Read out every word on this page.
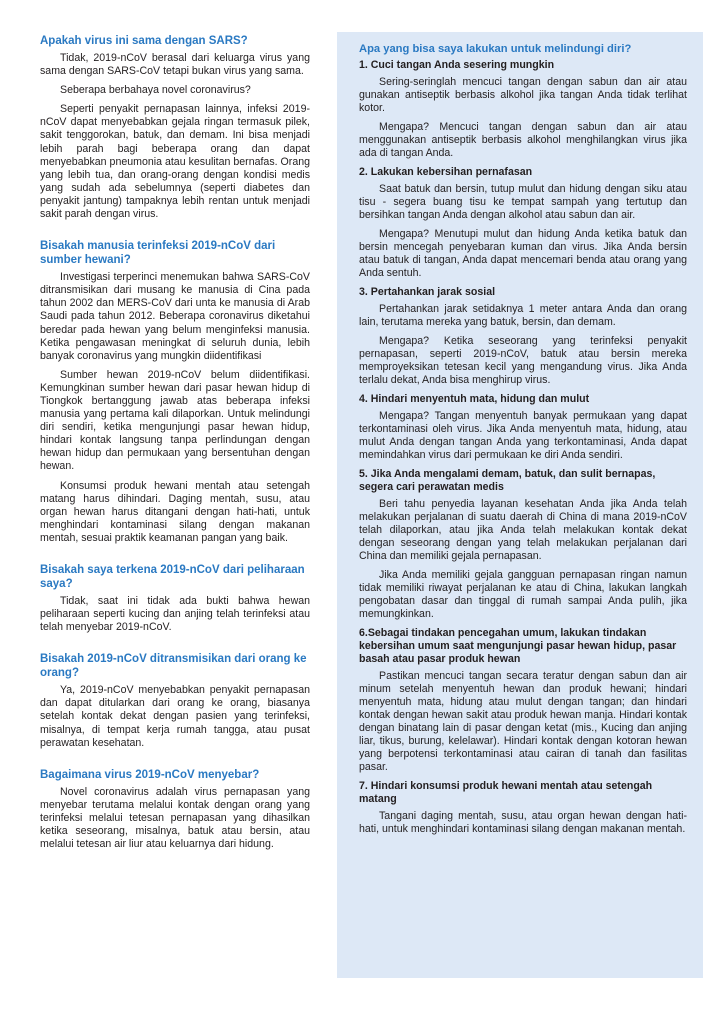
Apakah virus ini sama dengan SARS?

Tidak, 2019-nCoV berasal dari keluarga virus yang sama dengan SARS-CoV tetapi bukan virus yang sama.

Seberapa berbahaya novel coronavirus?

Seperti penyakit pernapasan lainnya, infeksi 2019-nCoV dapat menyebabkan gejala ringan termasuk pilek, sakit tenggorokan, batuk, dan demam. Ini bisa menjadi lebih parah bagi beberapa orang dan dapat menyebabkan pneumonia atau kesulitan bernafas. Orang yang lebih tua, dan orang-orang dengan kondisi medis yang sudah ada sebelumnya (seperti diabetes dan penyakit jantung) tampaknya lebih rentan untuk menjadi sakit parah dengan virus.

Bisakah manusia terinfeksi 2019-nCoV dari sumber hewani?

Investigasi terperinci menemukan bahwa SARS-CoV ditransmisikan dari musang ke manusia di Cina pada tahun 2002 dan MERS-CoV dari unta ke manusia di Arab Saudi pada tahun 2012. Beberapa coronavirus diketahui beredar pada hewan yang belum menginfeksi manusia. Ketika pengawasan meningkat di seluruh dunia, lebih banyak coronavirus yang mungkin diidentifikasi

Sumber hewan 2019-nCoV belum diidentifikasi. Kemungkinan sumber hewan dari pasar hewan hidup di Tiongkok bertanggung jawab atas beberapa infeksi manusia yang pertama kali dilaporkan. Untuk melindungi diri sendiri, ketika mengunjungi pasar hewan hidup, hindari kontak langsung tanpa perlindungan dengan hewan hidup dan permukaan yang bersentuhan dengan hewan.

Konsumsi produk hewani mentah atau setengah matang harus dihindari. Daging mentah, susu, atau organ hewan harus ditangani dengan hati-hati, untuk menghindari kontaminasi silang dengan makanan mentah, sesuai praktik keamanan pangan yang baik.

Bisakah saya terkena 2019-nCoV dari peliharaan saya?

Tidak, saat ini tidak ada bukti bahwa hewan peliharaan seperti kucing dan anjing telah terinfeksi atau telah menyebar 2019-nCoV.

Bisakah 2019-nCoV ditransmisikan dari orang ke orang?

Ya, 2019-nCoV menyebabkan penyakit pernapasan dan dapat ditularkan dari orang ke orang, biasanya setelah kontak dekat dengan pasien yang terinfeksi, misalnya, di tempat kerja rumah tangga, atau pusat perawatan kesehatan.

Bagaimana virus 2019-nCoV menyebar?

Novel coronavirus adalah virus pernapasan yang menyebar terutama melalui kontak dengan orang yang terinfeksi melalui tetesan pernapasan yang dihasilkan ketika seseorang, misalnya, batuk atau bersin, atau melalui tetesan air liur atau keluarnya dari hidung.

Apa yang bisa saya lakukan untuk melindungi diri?
1. Cuci tangan Anda sesering mungkin

Sering-seringlah mencuci tangan dengan sabun dan air atau gunakan antiseptik berbasis alkohol jika tangan Anda tidak terlihat kotor.

Mengapa? Mencuci tangan dengan sabun dan air atau menggunakan antiseptik berbasis alkohol menghilangkan virus jika ada di tangan Anda.

2. Lakukan kebersihan pernafasan

Saat batuk dan bersin, tutup mulut dan hidung dengan siku atau tisu - segera buang tisu ke tempat sampah yang tertutup dan bersihkan tangan Anda dengan alkohol atau sabun dan air.

Mengapa? Menutupi mulut dan hidung Anda ketika batuk dan bersin mencegah penyebaran kuman dan virus. Jika Anda bersin atau batuk di tangan, Anda dapat mencemari benda atau orang yang Anda sentuh.

3. Pertahankan jarak sosial

Pertahankan jarak setidaknya 1 meter antara Anda dan orang lain, terutama mereka yang batuk, bersin, dan demam.

Mengapa? Ketika seseorang yang terinfeksi penyakit pernapasan, seperti 2019-nCoV, batuk atau bersin mereka memproyeksikan tetesan kecil yang mengandung virus. Jika Anda terlalu dekat, Anda bisa menghirup virus.

4. Hindari menyentuh mata, hidung dan mulut

Mengapa? Tangan menyentuh banyak permukaan yang dapat terkontaminasi oleh virus. Jika Anda menyentuh mata, hidung, atau mulut Anda dengan tangan Anda yang terkontaminasi, Anda dapat memindahkan virus dari permukaan ke diri Anda sendiri.

5. Jika Anda mengalami demam, batuk, dan sulit bernapas, segera cari perawatan medis

Beri tahu penyedia layanan kesehatan Anda jika Anda telah melakukan perjalanan di suatu daerah di China di mana 2019-nCoV telah dilaporkan, atau jika Anda telah melakukan kontak dekat dengan seseorang dengan yang telah melakukan perjalanan dari China dan memiliki gejala pernapasan.

Jika Anda memiliki gejala gangguan pernapasan ringan namun tidak memiliki riwayat perjalanan ke atau di China, lakukan langkah pengobatan dasar dan tinggal di rumah sampai Anda pulih, jika memungkinkan.

6.Sebagai tindakan pencegahan umum, lakukan tindakan kebersihan umum saat mengunjungi pasar hewan hidup, pasar basah atau pasar produk hewan

Pastikan mencuci tangan secara teratur dengan sabun dan air minum setelah menyentuh hewan dan produk hewani; hindari menyentuh mata, hidung atau mulut dengan tangan; dan hindari kontak dengan hewan sakit atau produk hewan manja. Hindari kontak dengan binatang lain di pasar dengan ketat (mis., Kucing dan anjing liar, tikus, burung, kelelawar). Hindari kontak dengan kotoran hewan yang berpotensi terkontaminasi atau cairan di tanah dan fasilitas pasar.

7. Hindari konsumsi produk hewani mentah atau setengah matang

Tangani daging mentah, susu, atau organ hewan dengan hati-hati, untuk menghindari kontaminasi silang dengan makanan mentah.
